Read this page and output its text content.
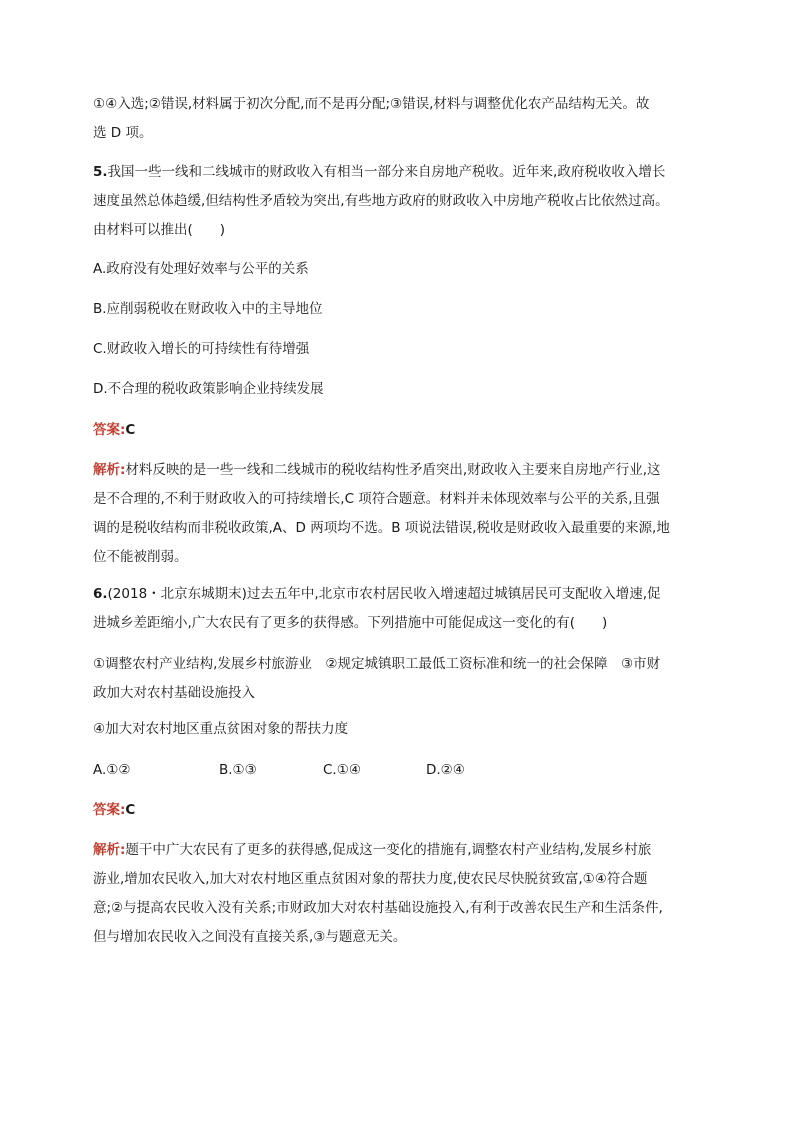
①④入选;②错误,材料属于初次分配,而不是再分配;③错误,材料与调整优化农产品结构无关。故
选 D 项。
5.我国一些一线和二线城市的财政收入有相当一部分来自房地产税收。近年来,政府税收收入增长
速度虽然总体趋缓,但结构性矛盾较为突出,有些地方政府的财政收入中房地产税收占比依然过高。
由材料可以推出(　　)
A.政府没有处理好效率与公平的关系
B.应削弱税收在财政收入中的主导地位
C.财政收入增长的可持续性有待增强
D.不合理的税收政策影响企业持续发展
答案:C
解析:材料反映的是一些一线和二线城市的税收结构性矛盾突出,财政收入主要来自房地产行业,这
是不合理的,不利于财政收入的可持续增长,C 项符合题意。材料并未体现效率与公平的关系,且强
调的是税收结构而非税收政策,A、D 两项均不选。B 项说法错误,税收是财政收入最重要的来源,地
位不能被削弱。
6.(2018・北京东城期末)过去五年中,北京市农村居民收入增速超过城镇居民可支配收入增速,促
进城乡差距缩小,广大农民有了更多的获得感。下列措施中可能促成这一变化的有(　　)
①调整农村产业结构,发展乡村旅游业　②规定城镇职工最低工资标准和统一的社会保障　③市财
政加大对农村基础设施投入
④加大对农村地区重点贫困对象的帮扶力度
A.①②	B.①③	C.①④	D.②④
答案:C
解析:题干中广大农民有了更多的获得感,促成这一变化的措施有,调整农村产业结构,发展乡村旅
游业,增加农民收入,加大对农村地区重点贫困对象的帮扶力度,使农民尽快脱贫致富,①④符合题
意;②与提高农民收入没有关系;市财政加大对农村基础设施投入,有利于改善农民生产和生活条件,
但与增加农民收入之间没有直接关系,③与题意无关。
